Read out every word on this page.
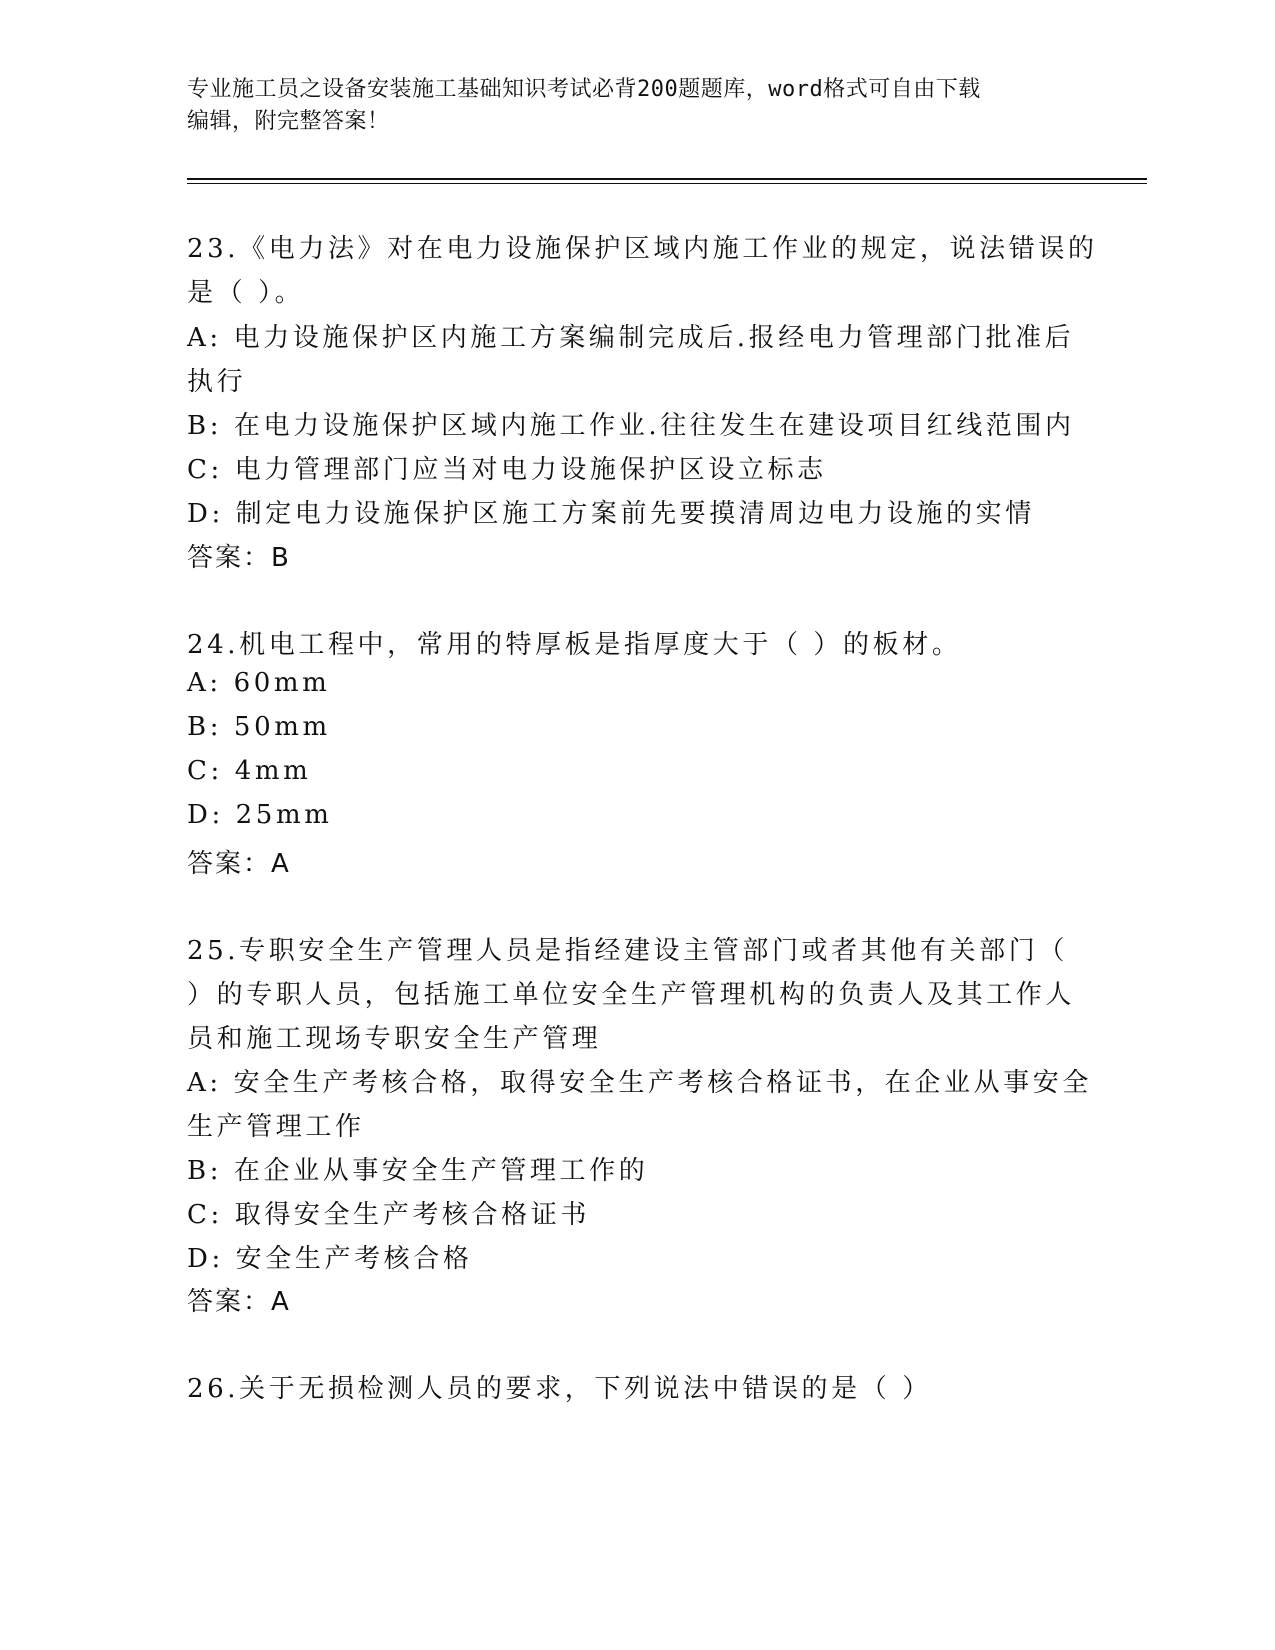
专业施工员之设备安装施工基础知识考试必背200题题库，word格式可自由下载
编辑，附完整答案！
23.《电力法》对在电力设施保护区域内施工作业的规定，说法错误的
是（ ）。
A: 电力设施保护区内施工方案编制完成后.报经电力管理部门批准后
执行
B: 在电力设施保护区域内施工作业.往往发生在建设项目红线范围内
C: 电力管理部门应当对电力设施保护区设立标志
D: 制定电力设施保护区施工方案前先要摸清周边电力设施的实情
答案：B
24.机电工程中，常用的特厚板是指厚度大于（ ）的板材。
A: 60mm
B: 50mm
C: 4mm
D: 25mm
答案：A
25.专职安全生产管理人员是指经建设主管部门或者其他有关部门（
）的专职人员，包括施工单位安全生产管理机构的负责人及其工作人
员和施工现场专职安全生产管理
A: 安全生产考核合格，取得安全生产考核合格证书，在企业从事安全
生产管理工作
B: 在企业从事安全生产管理工作的
C: 取得安全生产考核合格证书
D: 安全生产考核合格
答案：A
26.关于无损检测人员的要求，下列说法中错误的是（ ）
